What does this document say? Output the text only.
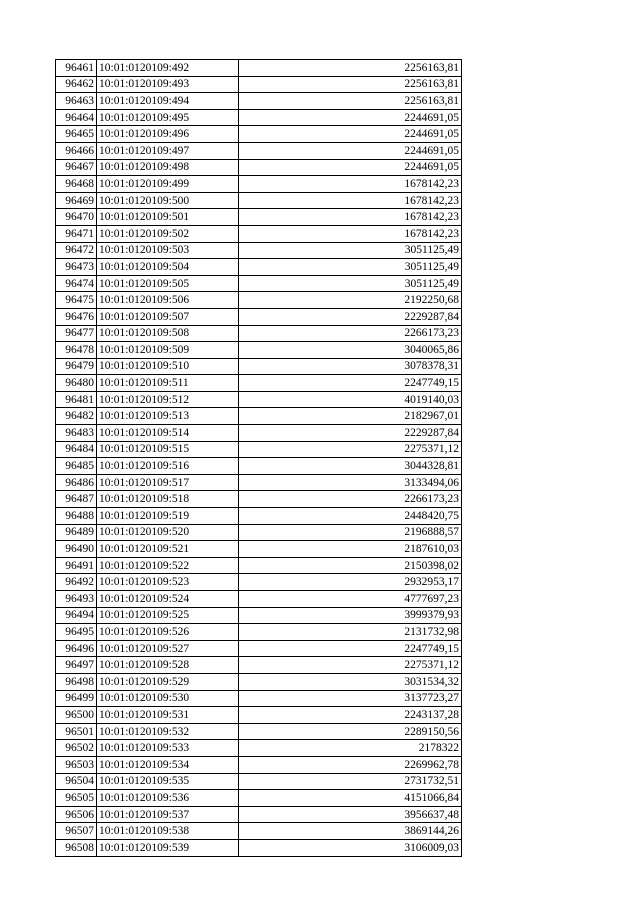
96461	10:01:0120109:492	2256163,81
96462	10:01:0120109:493	2256163,81
96463	10:01:0120109:494	2256163,81
96464	10:01:0120109:495	2244691,05
96465	10:01:0120109:496	2244691,05
96466	10:01:0120109:497	2244691,05
96467	10:01:0120109:498	2244691,05
96468	10:01:0120109:499	1678142,23
96469	10:01:0120109:500	1678142,23
96470	10:01:0120109:501	1678142,23
96471	10:01:0120109:502	1678142,23
96472	10:01:0120109:503	3051125,49
96473	10:01:0120109:504	3051125,49
96474	10:01:0120109:505	3051125,49
96475	10:01:0120109:506	2192250,68
96476	10:01:0120109:507	2229287,84
96477	10:01:0120109:508	2266173,23
96478	10:01:0120109:509	3040065,86
96479	10:01:0120109:510	3078378,31
96480	10:01:0120109:511	2247749,15
96481	10:01:0120109:512	4019140,03
96482	10:01:0120109:513	2182967,01
96483	10:01:0120109:514	2229287,84
96484	10:01:0120109:515	2275371,12
96485	10:01:0120109:516	3044328,81
96486	10:01:0120109:517	3133494,06
96487	10:01:0120109:518	2266173,23
96488	10:01:0120109:519	2448420,75
96489	10:01:0120109:520	2196888,57
96490	10:01:0120109:521	2187610,03
96491	10:01:0120109:522	2150398,02
96492	10:01:0120109:523	2932953,17
96493	10:01:0120109:524	4777697,23
96494	10:01:0120109:525	3999379,93
96495	10:01:0120109:526	2131732,98
96496	10:01:0120109:527	2247749,15
96497	10:01:0120109:528	2275371,12
96498	10:01:0120109:529	3031534,32
96499	10:01:0120109:530	3137723,27
96500	10:01:0120109:531	2243137,28
96501	10:01:0120109:532	2289150,56
96502	10:01:0120109:533	2178322
96503	10:01:0120109:534	2269962,78
96504	10:01:0120109:535	2731732,51
96505	10:01:0120109:536	4151066,84
96506	10:01:0120109:537	3956637,48
96507	10:01:0120109:538	3869144,26
96508	10:01:0120109:539	3106009,03
